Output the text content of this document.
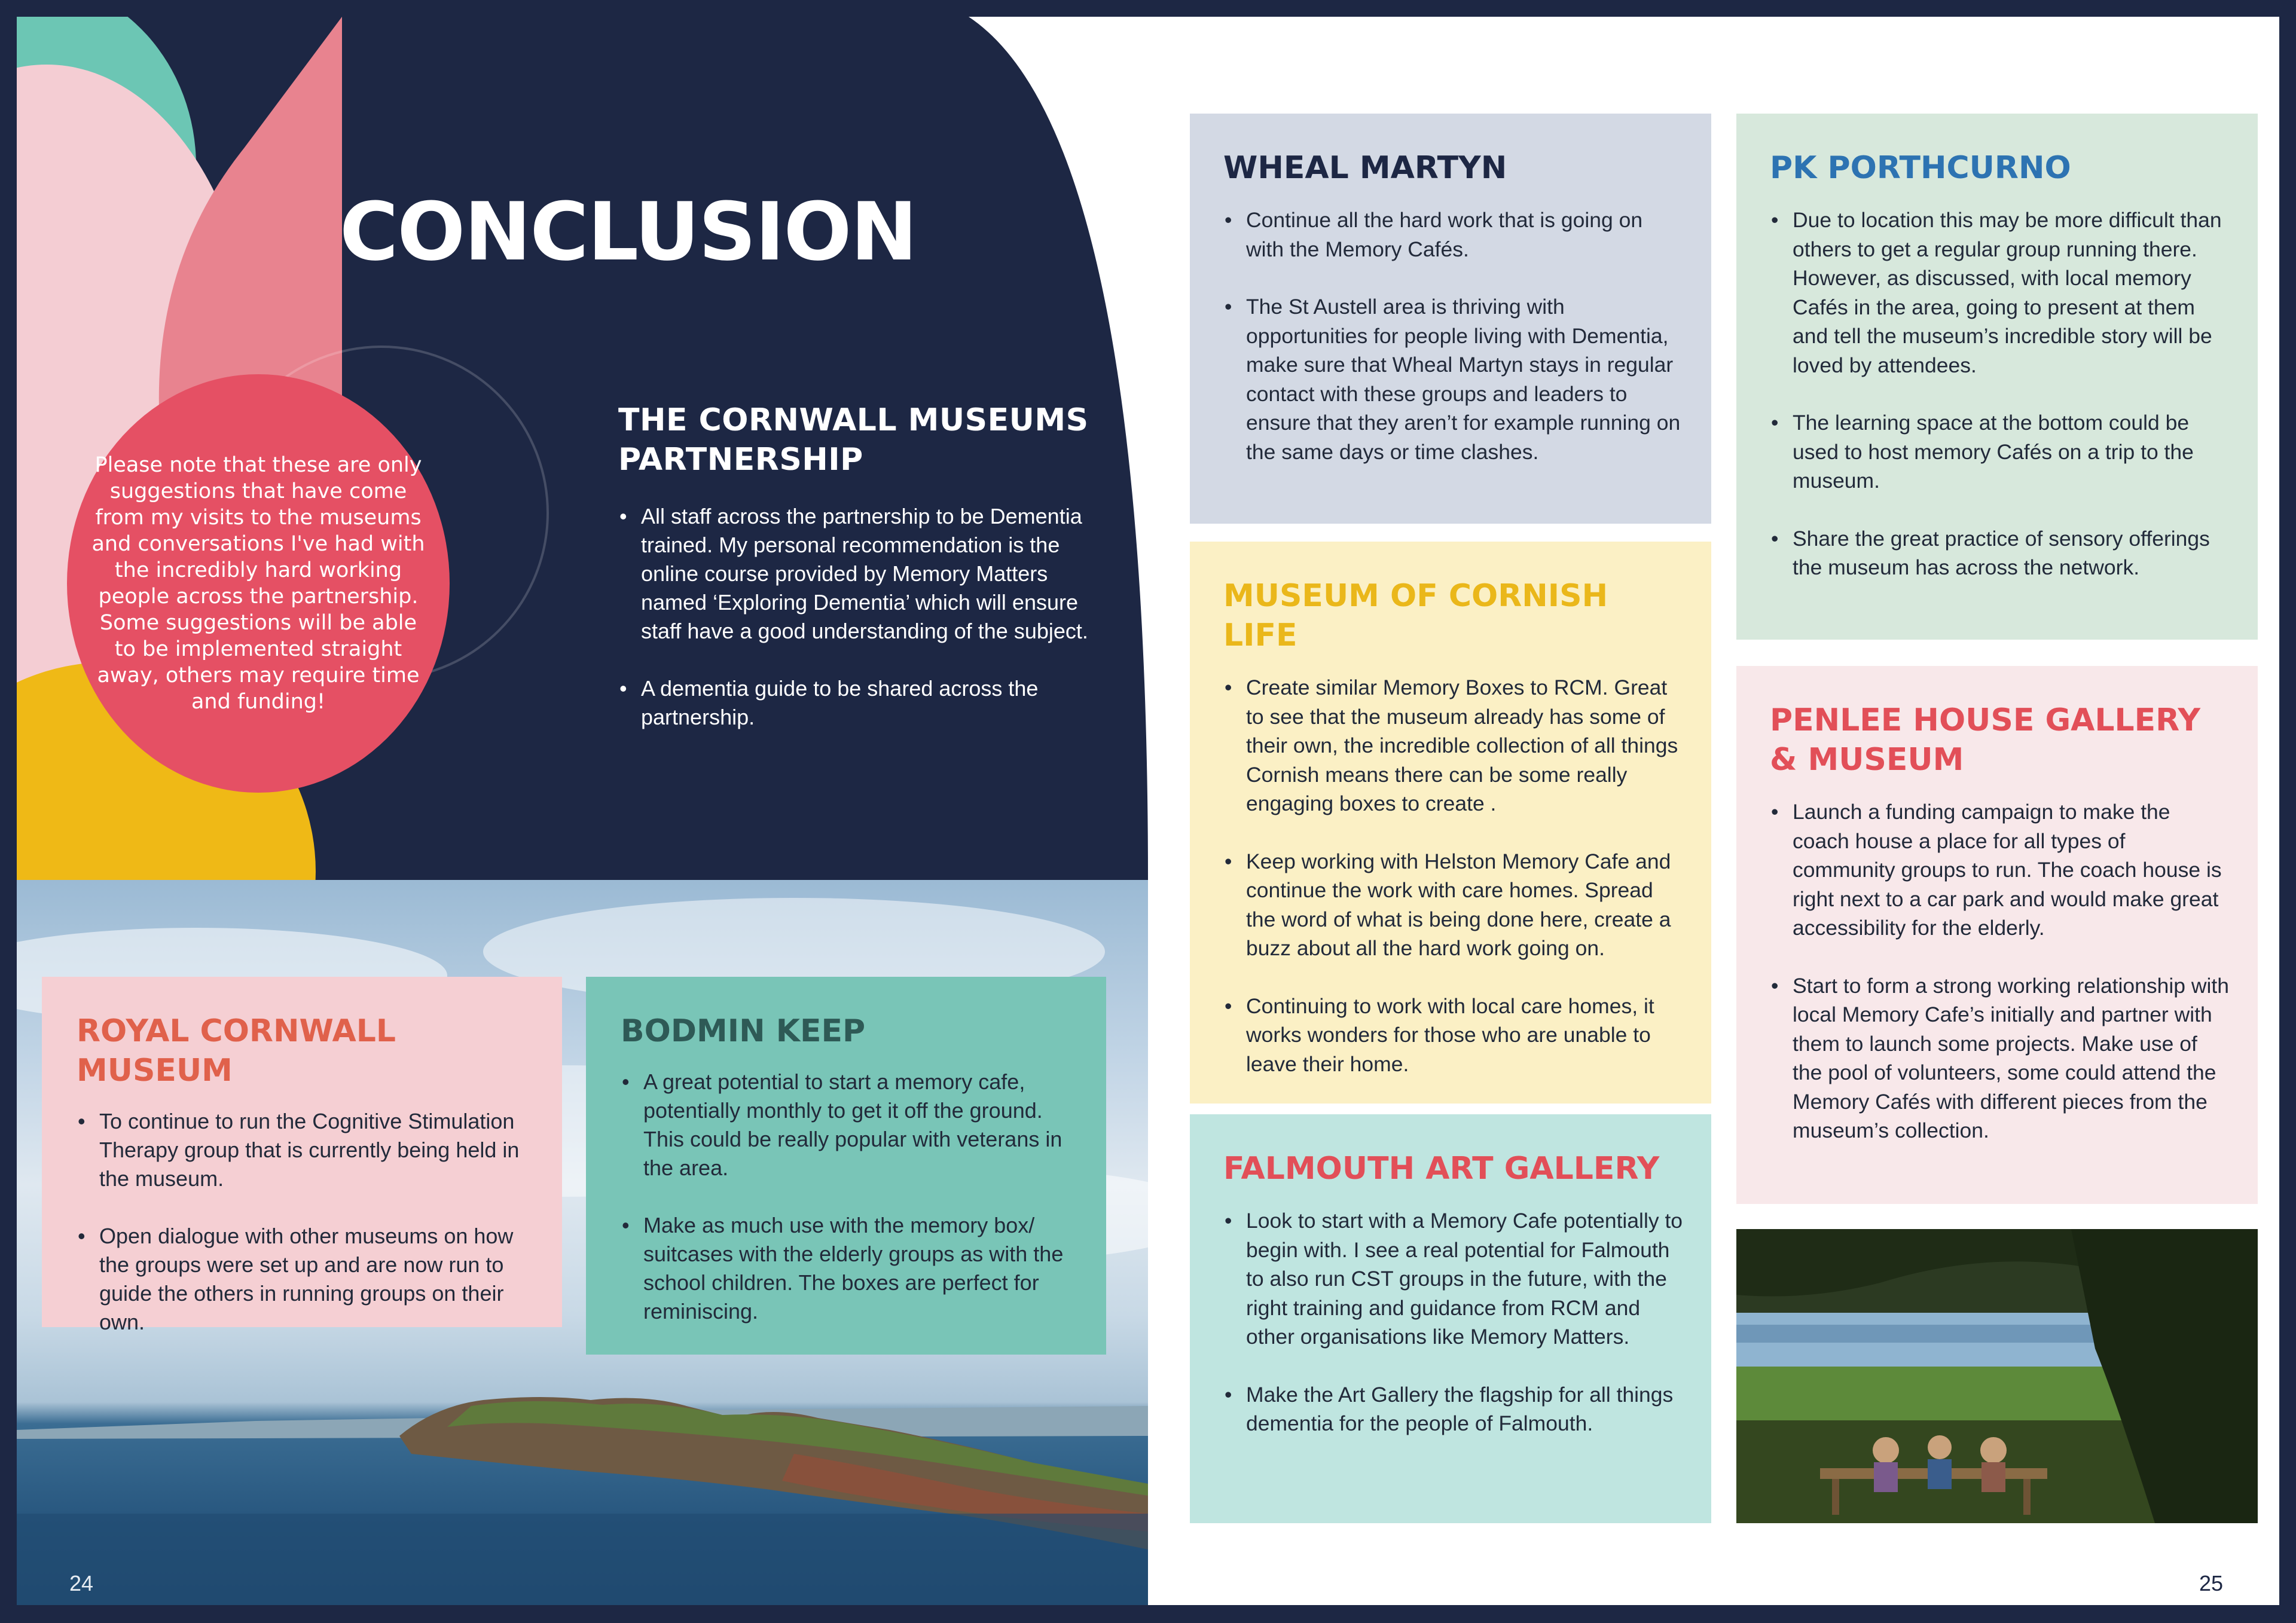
Please note that these are only suggestions that have come from my visits to the museums and conversations I've had with the incredibly hard working people across the partnership. Some suggestions will be able to be implemented straight away, others may require time and funding!

CONCLUSION
THE CORNWALL MUSEUMS PARTNERSHIP
• All staff across the partnership to be Dementia trained. My personal recommendation is the online course provided by Memory Matters named ‘Exploring Dementia’ which will ensure staff have a good understanding of the subject.
• A dementia guide to be shared across the partnership.
ROYAL CORNWALL MUSEUM
• To continue to run the Cognitive Stimulation Therapy group that is currently being held in the museum.
• Open dialogue with other museums on how the groups were set up and are now run to guide the others in running groups on their own.
BODMIN KEEP
• A great potential to start a memory cafe, potentially monthly to get it off the ground. This could be really popular with veterans in the area.
• Make as much use with the memory box/ suitcases with the elderly groups as with the school children. The boxes are perfect for reminiscing.
24
WHEAL MARTYN
• Continue all the hard work that is going on with the Memory Cafés.
• The St Austell area is thriving with opportunities for people living with Dementia, make sure that Wheal Martyn stays in regular contact with these groups and leaders to ensure that they aren’t for example running on the same days or time clashes.
MUSEUM OF CORNISH LIFE
• Create similar Memory Boxes to RCM. Great to see that the museum already has some of their own, the incredible collection of all things Cornish means there can be some really engaging boxes to create .
• Keep working with Helston Memory Cafe and continue the work with care homes. Spread the word of what is being done here, create a buzz about all the hard work going on.
• Continuing to work with local care homes, it works wonders for those who are unable to leave their home.
FALMOUTH ART GALLERY
• Look to start with a Memory Cafe potentially to begin with. I see a real potential for Falmouth to also run CST groups in the future, with the right training and guidance from RCM and other organisations like Memory Matters.
• Make the Art Gallery the flagship for all things dementia for the people of Falmouth.
PK PORTHCURNO
• Due to location this may be more difficult than others to get a regular group running there. However, as discussed, with local memory Cafés in the area, going to present at them and tell the museum’s incredible story will be loved by attendees.
• The learning space at the bottom could be used to host memory Cafés on a trip to the museum.
• Share the great practice of sensory offerings the museum has across the network.
PENLEE HOUSE GALLERY & MUSEUM
• Launch a funding campaign to make the coach house a place for all types of community groups to run. The coach house is right next to a car park and would make great accessibility for the elderly.
• Start to form a strong working relationship with local Memory Cafe’s initially and partner with them to launch some projects. Make use of the pool of volunteers, some could attend the Memory Cafés with different pieces from the museum’s collection.
25
